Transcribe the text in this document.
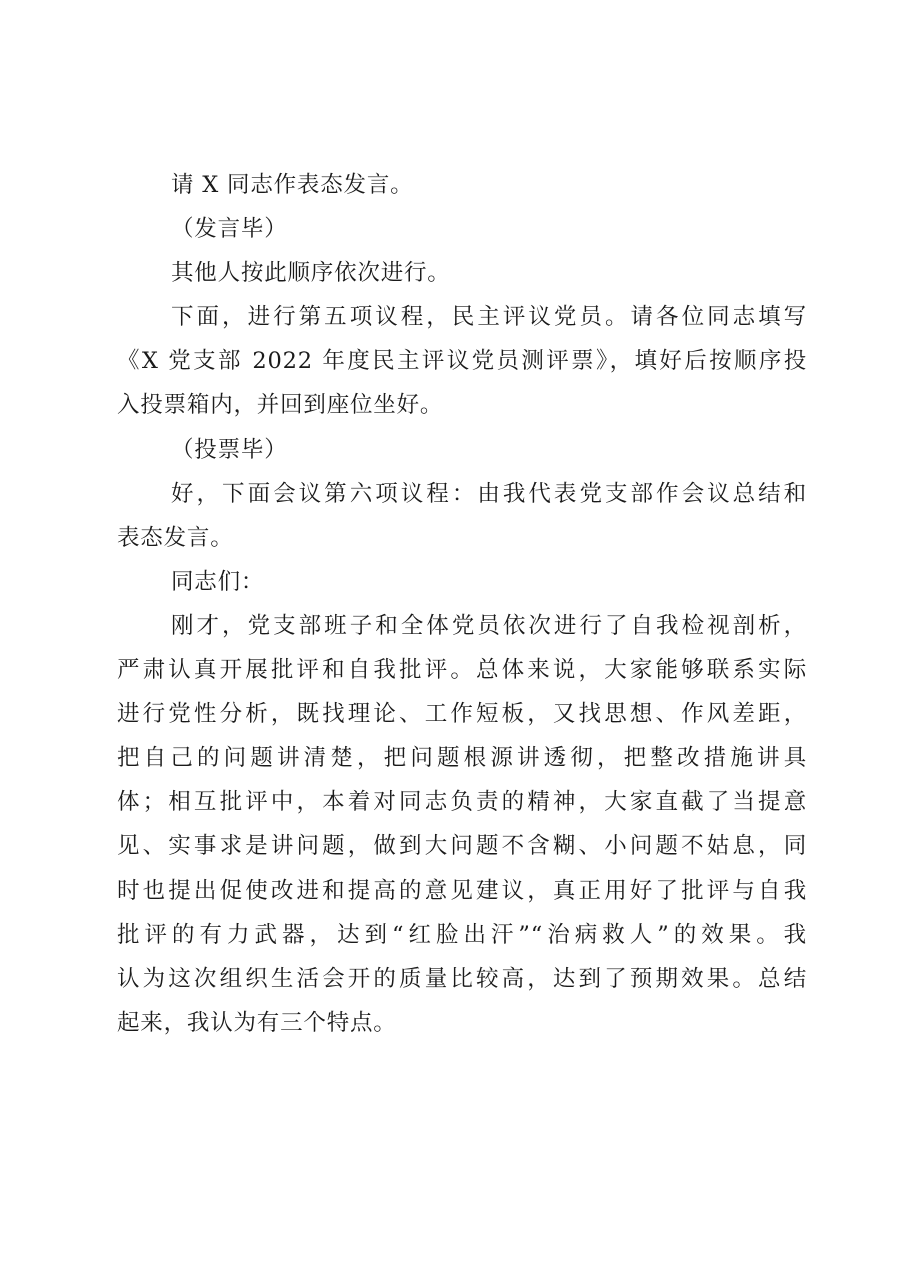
请 X 同志作表态发言。
（发言毕）
其他人按此顺序依次进行。
下面，进行第五项议程，民主评议党员。请各位同志填写
《X 党支部 2022 年度民主评议党员测评票》，填好后按顺序投
入投票箱内，并回到座位坐好。
（投票毕）
好，下面会议第六项议程：由我代表党支部作会议总结和
表态发言。
同志们：
刚才，党支部班子和全体党员依次进行了自我检视剖析，
严肃认真开展批评和自我批评。总体来说，大家能够联系实际
进行党性分析，既找理论、工作短板，又找思想、作风差距，
把自己的问题讲清楚，把问题根源讲透彻，把整改措施讲具
体；相互批评中，本着对同志负责的精神，大家直截了当提意
见、实事求是讲问题，做到大问题不含糊、小问题不姑息，同
时也提出促使改进和提高的意见建议，真正用好了批评与自我
批评的有力武器，达到“红脸出汗”“治病救人”的效果。我
认为这次组织生活会开的质量比较高，达到了预期效果。总结
起来，我认为有三个特点。
